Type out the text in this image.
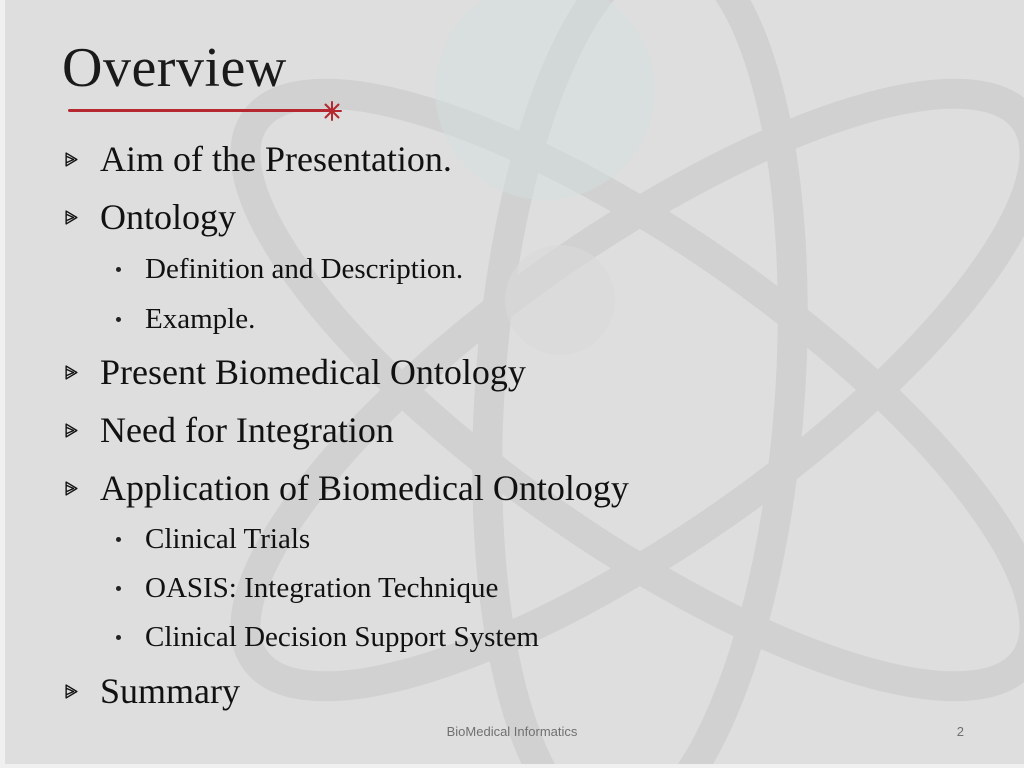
Overview
Aim of the Presentation.
Ontology
Definition and Description.
Example.
Present Biomedical Ontology
Need for Integration
Application of Biomedical Ontology
Clinical Trials
OASIS: Integration Technique
Clinical Decision Support System
Summary
BioMedical Informatics	2
